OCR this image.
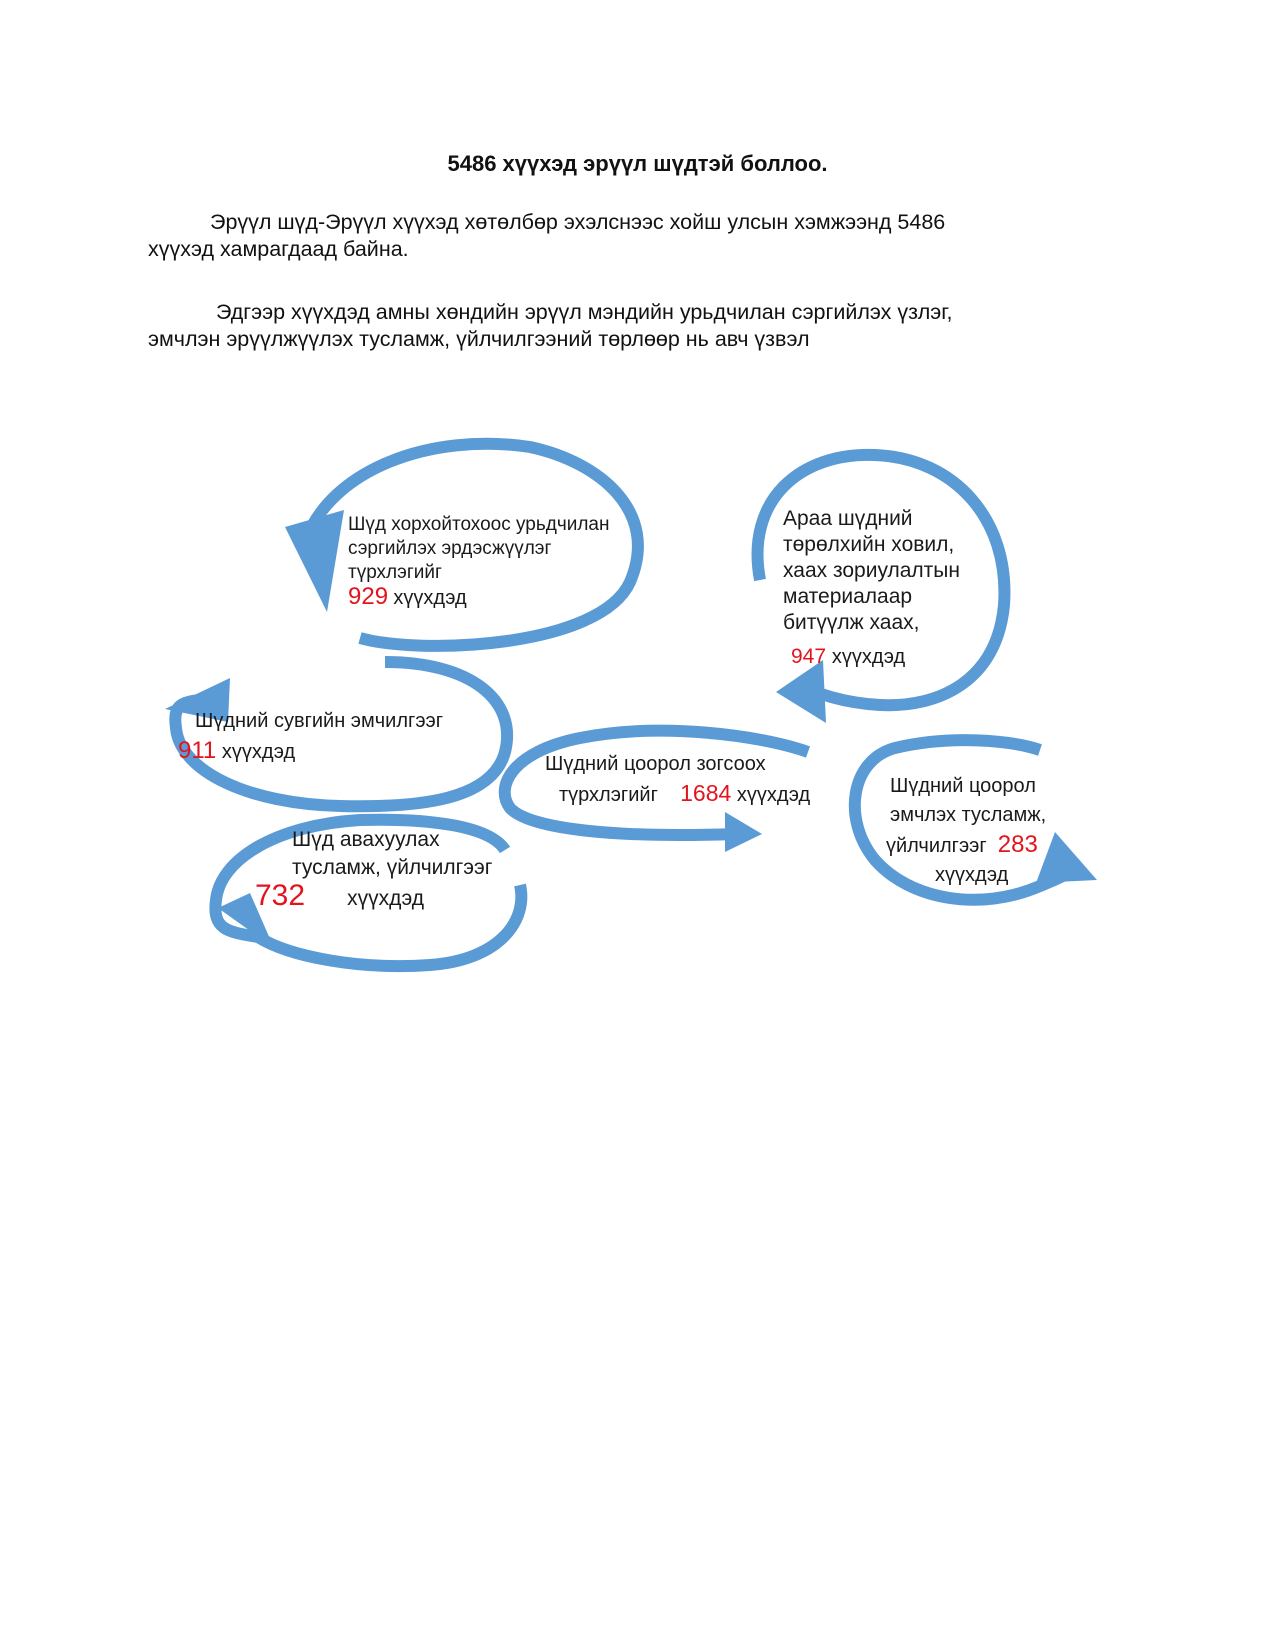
5486 хүүхэд эрүүл шүдтэй боллоо.
Эрүүл шүд-Эрүүл хүүхэд хөтөлбөр эхэлснээс хойш улсын хэмжээнд 5486
хүүхэд хамрагдаад байна.
Эдгээр хүүхдэд амны хөндийн эрүүл мэндийн урьдчилан сэргийлэх үзлэг,
эмчлэн эрүүлжүүлэх тусламж, үйлчилгээний төрлөөр нь авч үзвэл
Шүд хорхойтохоос урьдчилан
сэргийлэх эрдэсжүүлэг
түрхлэгийг
929 хүүхдэд
Араа шүдний
төрөлхийн ховил,
хаах зориулалтын
материалаар
битүүлж хаах,
947 хүүхдэд
Шүдний сувгийн эмчилгээг
911 хүүхдэд
Шүдний цоорол зогсоох
түрхлэгийг 1684 хүүхдэд
Шүд авахуулах
тусламж, үйлчилгээг
732 хүүхдэд
Шүдний цоорол
эмчлэх тусламж,
үйлчилгээг 283
хүүхдэд
